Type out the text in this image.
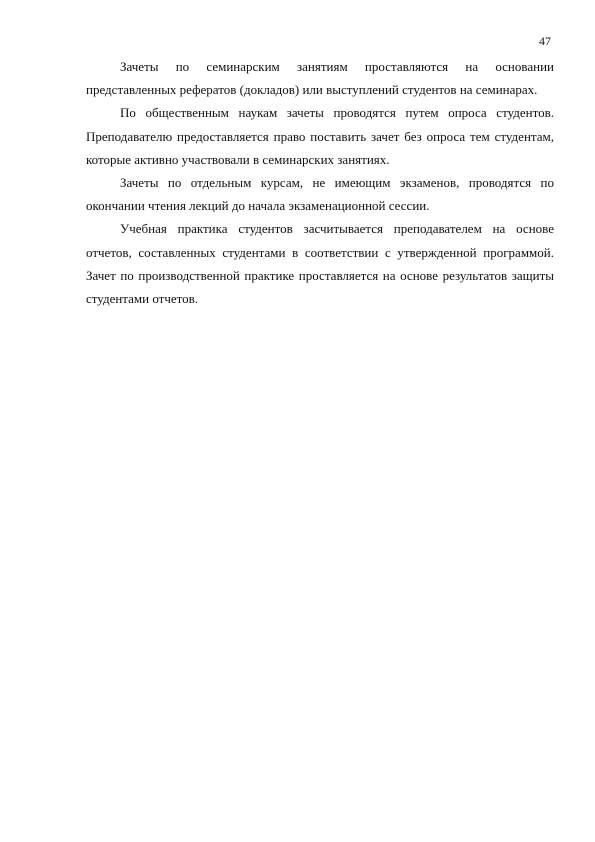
47

Зачеты по семинарским занятиям проставляются на основании представленных рефератов (докладов) или выступлений студентов на семинарах.

По общественным наукам зачеты проводятся путем опроса студентов. Преподавателю предоставляется право поставить зачет без опроса тем студентам, которые активно участвовали в семинарских занятиях.

Зачеты по отдельным курсам, не имеющим экзаменов, проводятся по окончании чтения лекций до начала экзаменационной сессии.

Учебная практика студентов засчитывается преподавателем на основе отчетов, составленных студентами в соответствии с утвержденной программой. Зачет по производственной практике проставляется на основе результатов защиты студентами отчетов.
